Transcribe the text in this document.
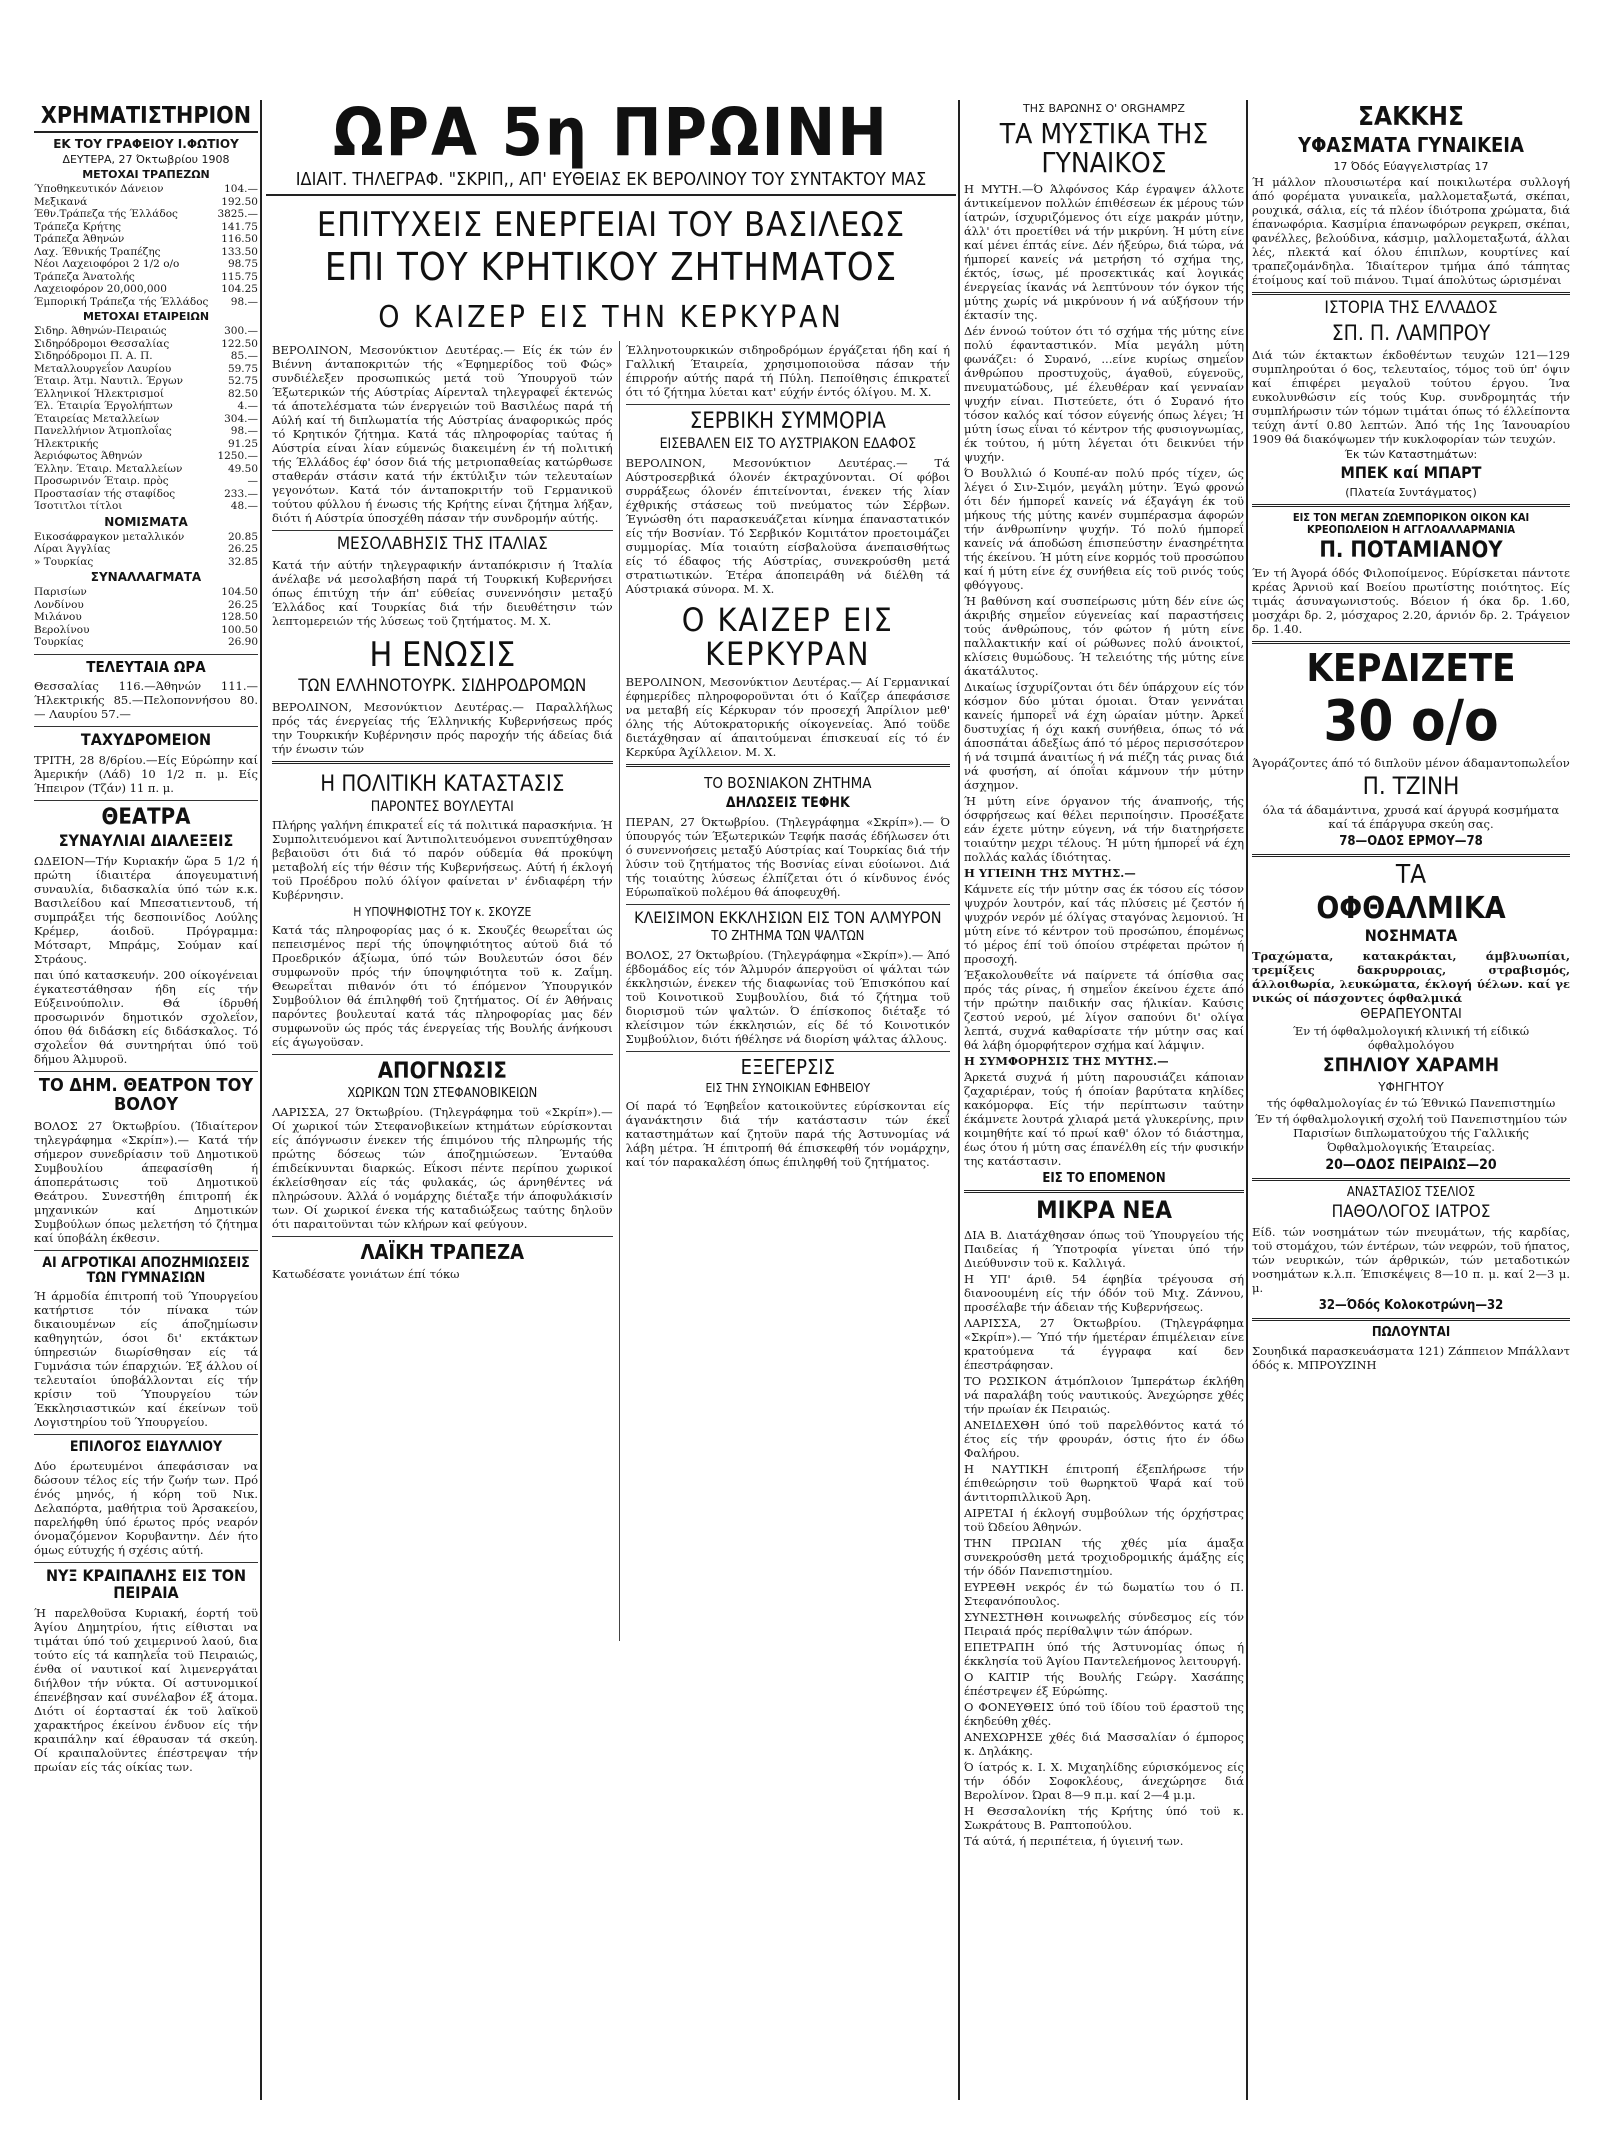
ΧΡΗΜΑΤΙΣΤΗΡΙΟΝ
ΕΚ ΤΟΥ ΓΡΑΦΕΙΟΥ Ι.ΦΩΤΙΟΥ
ΔΕΥΤΕΡΑ, 27 Όκτωβρίου 1908
ΜΕΤΟΧΑΙ ΤΡΑΠΕΖΩΝ
Ύποθηκευτικόν Δάνειον	104.—
Μεξικανά	192.50
Έθν.Τράπεζα τής Έλλάδος	3825.—
Τράπεζα Κρήτης	141.75
Τράπεζα Άθηνών	116.50
Λαχ. Έθνικής Τραπέζης	133.50
Νέοι Λαχειοφόροι 2 1/2 ο/ο	98.75
Τράπεζα Άνατολής	115.75
Λαχειοφόρον 20,000,000	104.25
Έμπορική Τράπεζα τής Έλλάδος 98.—
ΜΕΤΟΧΑΙ ΕΤΑΙΡΕΙΩΝ
Σιδηρ. Άθηνών-Πειραιώς	300.—
Σιδηρόδρομοι Θεσσαλίας	122.50
Σιδηρόδρομοι Π. Α. Π.	85.—
Μεταλλουργεΐον Λαυρίου	59.75
Έταιρ. Άτμ. Ναυτιλ. Έργων	52.75
Έλληνικοί Ήλεκτρισμοί	82.50
Έλ. Έταιρία Έργολήπτων	4.—
Έταιρείας Μεταλλείων	304.—
Πανελλήνιον Άτμοπλοΐας	98.—
Ήλεκτρικής	91.25
Άεριόφωτος Άθηνών	1250.—
Έλλην. Έταιρ. Μεταλλείων	49.50
Προσωρινόν Έταιρ. πρὸς	—
Προστασίαν τής σταφίδος	233.—
Ίσοτιτλοι τίτλοι	48.—
ΝΟΜΙΣΜΑΤΑ
Εικοσάφραγκον μεταλλικόν	20.85
Λίραι Άγγλίας	26.25
» Τουρκίας	32.85
ΣΥΝΑΛΛΑΓΜΑΤΑ
Παρισίων	104.50
Λονδίνου	26.25
Μιλάνου	128.50
Βερολίνου	100.50
Τουρκίας	26.90
ΤΕΛΕΥΤΑΙΑ ΩΡΑ
Θεσσαλίας 116.—Άθηνών 111.— Ήλεκτρικής 85.—Πελοποννήσου 80.— Λαυρίου 57.—
ΤΑΧΥΔΡΟΜΕΙΟΝ
ΤΡΙΤΗ, 28 8/6ρίου.—Είς Εύρώπην καί Άμερικήν (Λάδ) 10 1/2 π. μ. Είς Ήπειρον (Τζάν) 11 π. μ.
ΘΕΑΤΡΑ
ΣΥΝΑΥΛΙΑΙ ΔΙΑΛΕΞΕΙΣ
ΩΔΕΙΟΝ—Τήν Κυριακήν ὥρα 5 1/2 ή πρώτη ίδιαιτέρα άπογευματινή συναυλία, διδασκαλία ύπό τών κ.κ. Βασιλείδου καί Μπεσατιεντουδ, τή συμπράξει τής δεσποινίδος Λούλης Κρέμερ, άοιδοϋ. Πρόγραμμα: Μότσαρτ, Μπράμς, Σούμαν καί Στράους.
παι ύπό κατασκευήν. 200 οίκογένειαι έγκατεστάθησαν ήδη είς τήν Εύξεινούπολιν. Θά ίδρυθή προσωρινόν δημοτικόν σχολεΐον, όπου θά διδάσκη είς διδάσκαλος. Τό σχολεΐον θά συντηρήται ύπό τοϋ δήμου Άλμυροϋ.
ΤΟ ΔΗΜ. ΘΕΑΤΡΟΝ ΤΟΥ ΒΟΛΟΥ
ΒΟΛΟΣ 27 Όκτωβρίου. (Ίδιαίτερον τηλεγράφημα «Σκρίπ»).— Κατά τήν σήμερον συνεδρίασιν τοϋ Δημοτικοϋ Συμβουλίου άπεφασίσθη ή άποπεράτωσις τοϋ Δημοτικοϋ Θεάτρου. Συνεστήθη έπιτροπή έκ μηχανικών καί Δημοτικών Συμβούλων όπως μελετήση τό ζήτημα καί ύποβάλη έκθεσιν.
ΑΙ ΑΓΡΟΤΙΚΑΙ ΑΠΟΖΗΜΙΩΣΕΙΣ ΤΩΝ ΓΥΜΝΑΣΙΩΝ
Ή άρμοδία έπιτροπή τοϋ Ύπουργείου κατήρτισε τόν πίνακα τών δικαιουμένων είς άποζημίωσιν καθηγητών, όσοι δι' εκτάκτων ύπηρεσιών διωρίσθησαν είς τά Γυμνάσια τών έπαρχιών. Έξ άλλου οί τελευταίοι ύποβάλλονται είς τήν κρίσιν τοϋ Ύπουργείου τών Έκκλησιαστικών καί έκείνων τοϋ Λογιστηρίου τοϋ Ύπουργείου.
ΕΠΙΛΟΓΟΣ ΕΙΔΥΛΛΙΟΥ
Δύο έρωτευμένοι άπεφάσισαν να δώσουν τέλος είς τήν ζωήν των. Πρό ένός μηνός, ή κόρη τοϋ Νικ. Δελαπόρτα, μαθήτρια τοϋ Άρσακείου, παρελήφθη ύπό έρωτος πρός νεαρόν όνομαζόμενον Κορυβαντην. Δέν ήτο όμως εύτυχής ή σχέσις αύτή.
ΝΥΞ ΚΡΑΙΠΑΛΗΣ ΕΙΣ ΤΟΝ ΠΕΙΡΑΙΑ
Ή παρελθοϋσα Κυριακή, έορτή τοϋ Άγίου Δημητρίου, ήτις είθισται να τιμάται ύπό τού χειμερινού λαού, δια τούτο είς τά καπηλεΐα τοϋ Πειραιώς, ένθα οί ναυτικοί καί λιμενεργάται διήλθον τήν νύκτα. Οί αστυνομικοί έπενέβησαν καί συνέλαβον έξ άτομα. Διότι οί έορτασταί έκ τοϋ λαϊκοϋ χαρακτήρος έκείνου ένδυον είς τήν κραιπάλην καί έθραυσαν τά σκεύη. Οί κραιπαλοϋντες έπέστρεψαν τήν πρωίαν είς τάς οίκίας των.
ΩΡΑ 5η ΠΡΩΙΝΗ
ΙΔΙΑΙΤ. ΤΗΛΕΓΡΑΦ. "ΣΚΡΙΠ,, ΑΠ' ΕΥΘΕΙΑΣ ΕΚ ΒΕΡΟΛΙΝΟΥ ΤΟΥ ΣΥΝΤΑΚΤΟΥ ΜΑΣ
ΕΠΙΤΥΧΕΙΣ ΕΝΕΡΓΕΙΑΙ ΤΟΥ ΒΑΣΙΛΕΩΣ
ΕΠΙ ΤΟΥ ΚΡΗΤΙΚΟΥ ΖΗΤΗΜΑΤΟΣ
Ο ΚΑΙΖΕΡ ΕΙΣ ΤΗΝ ΚΕΡΚΥΡΑΝ
ΒΕΡΟΛΙΝΟΝ, Μεσονύκτιον Δευτέρας.— Είς έκ τών έν Βιέννη άνταποκριτών τής «Έφημερίδος τοϋ Φώς» συνδιέλεξεν προσωπικώς μετά τοϋ Ύπουργοϋ τών Έξωτερικών τής Αύστρίας Αίρενταλ τηλεγραφεΐ έκτενώς τά άποτελέσματα τών ένεργειών τοϋ Βασιλέως παρά τή Αύλή καί τή διπλωματία τής Αύστρίας άναφορικώς πρός τό Κρητικόν ζήτημα. Κατά τάς πληροφορίας ταύτας ή Αύστρία είναι λίαν εύμενώς διακειμένη έν τή πολιτική τής Έλλάδος έφ' όσον διά τής μετριοπαθείας κατώρθωσε σταθεράν στάσιν κατά τήν έκτύλιξιν τών τελευταίων γεγονότων. Κατά τόν άνταποκριτήν τοϋ Γερμανικοϋ τούτου φύλλου ή ένωσις τής Κρήτης είναι ζήτημα λήξαν, διότι ή Αύστρία ύποσχέθη πάσαν τήν συνδρομήν αύτής.
ΜΕΣΟΛΑΒΗΣΙΣ ΤΗΣ ΙΤΑΛΙΑΣ
Κατά τήν αύτήν τηλεγραφικήν άνταπόκρισιν ή Ίταλία άνέλαβε νά μεσολαβήση παρά τή Τουρκική Κυβερνήσει όπως έπιτύχη τήν άπ' εύθείας συνεννόησιν μεταξύ Έλλάδος καί Τουρκίας διά τήν διευθέτησιν τών λεπτομερειών τής λύσεως τοϋ ζητήματος. Μ. Χ.
Η ΕΝΩΣΙΣ
ΤΩΝ ΕΛΛΗΝΟΤΟΥΡΚ. ΣΙΔΗΡΟΔΡΟΜΩΝ
ΒΕΡΟΛΙΝΟΝ, Μεσονύκτιον Δευτέρας.— Παραλλήλως πρός τάς ένεργείας τής Έλληνικής Κυβερνήσεως πρός την Τουρκικήν Κυβέρνησιν πρός παροχήν τής άδείας διά τήν ένωσιν τών
Η ΠΟΛΙΤΙΚΗ ΚΑΤΑΣΤΑΣΙΣ
ΠΑΡΟΝΤΕΣ ΒΟΥΛΕΥΤΑΙ
Πλήρης γαλήνη έπικρατεΐ είς τά πολιτικά παρασκήνια. Ή Συμπολιτευόμενοι καί Άντιπολιτευόμενοι συνεπτύχθησαν βεβαιοϋσι ότι διά τό παρόν ούδεμία θά προκύψη μεταβολή είς τήν θέσιν τής Κυβερνήσεως. Αύτή ή έκλογή τοϋ Προέδρου πολύ όλίγον φαίνεται ν' ένδιαφέρη τήν Κυβέρνησιν.
Η ΥΠΟΨΗΦΙΟΤΗΣ ΤΟΥ κ. ΣΚΟΥΖΕ
Κατά τάς πληροφορίας μας ό κ. Σκουζές θεωρεΐται ώς πεπεισμένος περί τής ύποψηφιότητος αύτοϋ διά τό Προεδρικόν άξίωμα, ύπό τών Βουλευτών όσοι δέν συμφωνοϋν πρός τήν ύποψηφιότητα τοϋ κ. Ζαΐμη. Θεωρεΐται πιθανόν ότι τό έπόμενον Ύπουργικόν Συμβούλιον θά έπιληφθή τοϋ ζητήματος. Οί έν Άθήναις παρόντες βουλευταί κατά τάς πληροφορίας μας δέν συμφωνοϋν ώς πρός τάς ένεργείας τής Βουλής άνήκουσι είς άγωγοϋσαν.
ΑΠΟΓΝΩΣΙΣ
ΧΩΡΙΚΩΝ ΤΩΝ ΣΤΕΦΑΝΟΒΙΚΕΙΩΝ
ΛΑΡΙΣΣΑ, 27 Όκτωβρίου. (Τηλεγράφημα τοϋ «Σκρίπ»).— Οί χωρικοί τών Στεφανοβικείων κτημάτων εύρίσκονται είς άπόγνωσιν ένεκεν τής έπιμόνου τής πληρωμής τής πρώτης δόσεως τών άποζημιώσεων. Ένταύθα έπιδείκνυνται διαρκώς. Εΐκοσι πέντε περίπου χωρικοί έκλείσθησαν είς τάς φυλακάς, ώς άρνηθέντες νά πληρώσουν. Άλλά ό νομάρχης διέταξε τήν άποφυλάκισίν των. Οί χωρικοί ένεκα τής καταδιώξεως ταύτης δηλοϋν ότι παραιτοϋνται τών κλήρων καί φεύγουν.
ΛΑΪΚΗ ΤΡΑΠΕΖΑ
Κατωδέσατε γονιάτων έπί τόκω
Έλληνοτουρκικών σιδηροδρόμων έργάζεται ήδη καί ή Γαλλική Έταιρεία, χρησιμοποιοϋσα πάσαν τήν έπιρροήν αύτής παρά τή Πύλη. Πεποίθησις έπικρατεΐ ότι τό ζήτημα λύεται κατ' εύχήν έντός όλίγου. Μ. Χ.
ΣΕΡΒΙΚΗ ΣΥΜΜΟΡΙΑ
ΕΙΣΕΒΑΛΕΝ ΕΙΣ ΤΟ ΑΥΣΤΡΙΑΚΟΝ ΕΔΑΦΟΣ
ΒΕΡΟΛΙΝΟΝ, Μεσονύκτιον Δευτέρας.— Τά Αύστροσερβικά όλονέν έκτραχύνονται. Οί φόβοι συρράξεως όλονέν έπιτείνονται, ένεκεν τής λίαν έχθρικής στάσεως τοϋ πνεύματος τών Σέρβων. Έγνώσθη ότι παρασκευάζεται κίνημα έπαναστατικόν είς τήν Βοσνίαν. Τό Σερβικόν Κομιτάτον προετοιμάζει συμμορίας. Μία τοιαύτη είσβαλοϋσα άνεπαισθήτως είς τό έδαφος τής Αύστρίας, συνεκρούσθη μετά στρατιωτικών. Έτέρα άποπειράθη νά διέλθη τά Αύστριακά σύνορα. Μ. Χ.
Ο ΚΑΙΖΕΡ ΕΙΣ ΚΕΡΚΥΡΑΝ
ΒΕΡΟΛΙΝΟΝ, Μεσονύκτιον Δευτέρας.— Αί Γερμανικαί έφημερίδες πληροφοροϋνται ότι ό Καΐζερ άπεφάσισε να μεταβή είς Κέρκυραν τόν προσεχή Άπρίλιον μεθ' όλης τής Αύτοκρατορικής οίκογενείας. Άπό τοϋδε διετάχθησαν αί άπαιτούμεναι έπισκευαί είς τό έν Κερκύρα Άχίλλειον. Μ. Χ.
ΤΟ ΒΟΣΝΙΑΚΟΝ ΖΗΤΗΜΑ
ΔΗΛΩΣΕΙΣ ΤΕΦΗΚ
ΠΕΡΑΝ, 27 Όκτωβρίου. (Τηλεγράφημα «Σκρίπ»).— Ό ύπουργός τών Έξωτερικών Τεφήκ πασάς έδήλωσεν ότι ό συνεννοήσεις μεταξύ Αύστρίας καί Τουρκίας διά τήν λύσιν τοϋ ζητήματος τής Βοσνίας είναι εύοίωνοι. Διά τής τοιαύτης λύσεως έλπίζεται ότι ό κίνδυνος ένός Εύρωπαϊκοϋ πολέμου θά άποφευχθή.
ΚΛΕΙΣΙΜΟΝ ΕΚΚΛΗΣΙΩΝ ΕΙΣ ΤΟΝ ΑΛΜΥΡΟΝ
ΤΟ ΖΗΤΗΜΑ ΤΩΝ ΨΑΛΤΩΝ
ΒΟΛΟΣ, 27 Όκτωβρίου. (Τηλεγράφημα «Σκρίπ»).— Άπό έβδομάδος είς τόν Άλμυρόν άπεργοϋσι οί ψάλται τών έκκλησιών, ένεκεν τής διαφωνίας τοϋ Έπισκόπου καί τοϋ Κοινοτικοϋ Συμβουλίου, διά τό ζήτημα τοϋ διορισμοϋ τών ψαλτών. Ό έπίσκοπος διέταξε τό κλείσιμον τών έκκλησιών, είς δέ τό Κοινοτικόν Συμβούλιον, διότι ήθέλησε νά διορίση ψάλτας άλλους.
ΕΞΕΓΕΡΣΙΣ
ΕΙΣ ΤΗΝ ΣΥΝΟΙΚΙΑΝ ΕΦΗΒΕΙΟΥ
Οί παρά τό Έφηβεΐον κατοικοϋντες εύρίσκονται είς άγανάκτησιν διά τήν κατάστασιν τών έκεΐ καταστημάτων καί ζητοϋν παρά τής Άστυνομίας νά λάβη μέτρα. Ή έπιτροπή θά έπισκεφθή τόν νομάρχην, καί τόν παρακαλέση όπως έπιληφθή τοϋ ζητήματος.
ΤΗΣ ΒΑΡΩΝΗΣ Ο' ORGHAMPZ
ΤΑ ΜΥΣΤΙΚΑ ΤΗΣ ΓΥΝΑΙΚΟΣ
Η ΜΥΤΗ.—Ό Άλφόνσος Κάρ έγραψεν άλλοτε άντικείμενον πολλών έπιθέσεων έκ μέρους τών ίατρών, ίσχυριζόμενος ότι είχε μακράν μύτην, άλλ' ότι προετίθει νά τήν μικρύνη. Ή μύτη είνε καί μένει έπτάς είνε. Δέν ήξεύρω, διά τώρα, νά ήμπορεί κανείς νά μετρήση τό σχήμα της, έκτός, ίσως, μέ προσεκτικάς καί λογικάς ένεργείας ίκανάς νά λεπτύνουν τόν όγκον τής μύτης χωρίς νά μικρύνουν ή νά αύξήσουν τήν έκτασίν της.
Δέν έννοώ τούτον ότι τό σχήμα τής μύτης είνε πολύ έφανταστικόν. Μία μεγάλη μύτη φωνάζει: ό Συρανό, ...είνε κυρίως σημεΐον άνθρώπου προστυχοϋς, άγαθοϋ, εύγενοϋς, πνευματώδους, μέ έλευθέραν καί γενναίαν ψυχήν είναι. Πιστεύετε, ότι ό Συρανό ήτο τόσον καλός καί τόσον εύγενής όπως λέγει; Ή μύτη ίσως εΐναι τό κέντρον τής φυσιογνωμίας, έκ τούτου, ή μύτη λέγεται ότι δεικνύει τήν ψυχήν.
Ό Βουλλιώ ό Κουπέ-αν πολύ πρός τίχεν, ώς λέγει ό Σιν-Σιμόν, μεγάλη μύτην. Έγώ φρονώ ότι δέν ήμπορεΐ κανείς νά έξαγάγη έκ τοϋ μήκους τής μύτης κανέν συμπέρασμα άφορών τήν άνθρωπίνην ψυχήν. Τό πολύ ήμπορεΐ κανείς νά άποδώση έπισπεύστην ένασηρέτητα τής έκείνου. Ή μύτη είνε κορμός τοϋ προσώπου καί ή μύτη είνε έχ συνήθεια είς τοϋ ρινός τούς φθόγγους.
Ή βαθύνση καί συσπείρωσις μύτη δέν είνε ώς άκριβής σημεΐον εύγενείας καί παραστήσεις τούς άνθρώπους, τόν φώτον ή μύτη είνε παλλακτικήν καί οί ρώθωνες πολύ άνοικτοί, κλίσεις θυμώδους. Ή τελειότης τής μύτης είνε άκατάλυτος.
Δικαίως ίσχυρίζονται ότι δέν ύπάρχουν είς τόν κόσμον δύο μύται όμοιαι. Όταν γεννάται κανείς ήμπορεΐ νά έχη ώραίαν μύτην. Άρκεΐ δυστυχίας ή όχι κακή συνήθεια, όπως τό νά άποσπάται άδεξίως άπό τό μέρος περισσότερον ή νά τσιμπά άναιτίως ή νά πιέζη τάς ρινας διά νά φυσήση, αί όποΐαι κάμνουν τήν μύτην άσχημον.
Ή μύτη είνε όργανον τής άναπνοής, τής όσφρήσεως καί θέλει περιποίησιν. Προσέξατε εάν έχετε μύτην εύγενη, νά τήν διατηρήσετε τοιαύτην μεχρι τέλους. Ή μύτη ήμπορεΐ νά έχη πολλάς καλάς ίδιότητας.
Η ΥΓΙΕΙΝΗ ΤΗΣ ΜΥΤΗΣ.—
Κάμνετε είς τήν μύτην σας έκ τόσου είς τόσον ψυχρόν λουτρόν, καί τάς πλύσεις μέ ζεστόν ή ψυχρόν νερόν μέ όλίγας σταγόνας λεμονιού. Ή μύτη είνε τό κέντρον τοϋ προσώπου, έπομένως τό μέρος έπί τοϋ όποίου στρέφεται πρώτον ή προσοχή.
Έξακολουθεΐτε νά παίρνετε τά όπίσθια σας πρός τάς ρίνας, ή σημεΐον έκείνου έχετε άπό τήν πρώτην παιδικήν σας ήλικίαν. Καύσις ζεστού νερού, μέ λίγον σαπούνι δι' ολίγα λεπτά, συχνά καθαρίσατε τήν μύτην σας καί θά λάβη όμορφήτερον σχήμα καί λάμψιν.
Η ΣΥΜΦΟΡΗΣΙΣ ΤΗΣ ΜΥΤΗΣ.—
Άρκετά συχνά ή μύτη παρουσιάζει κάποιαν ζαχαριέραν, τούς ή όποίαν βαρύτατα κηλίδες κακόμορφα. Είς τήν περίπτωσιν ταύτην έκάμνετε λουτρά χλιαρά μετά γλυκερίνης, πριν κοιμηθήτε καί τό πρωί καθ' όλον τό διάστημα, έως ότου ή μύτη σας έπανέλθη είς τήν φυσικήν της κατάστασιν.
ΕΙΣ ΤΟ ΕΠΟΜΕΝΟΝ
ΜΙΚΡΑ ΝΕΑ
ΔΙΑ Β. Διατάχθησαν όπως τοϋ Ύπουργείου τής Παιδείας ή Ύποτροφία γίνεται ύπό τήν Διεύθυνσιν τοϋ κ. Καλλιγά.
Η ΥΠ' άριθ. 54 έφηβία τρέγουσα σή διανοουμένη είς τήν όδόν τοϋ Μιχ. Ζάννου, προσέλαβε τήν άδειαν τής Κυβερνήσεως.
ΛΑΡΙΣΣΑ, 27 Όκτωβρίου. (Τηλεγράφημα «Σκρίπ»).— Ύπό τήν ήμετέραν έπιμέλειαν είνε κρατούμενα τά έγγραφα καί δεν έπεστράφησαν.
ΤΟ ΡΩΣΙΚΟΝ άτμόπλοιον Ίμπεράτωρ έκλήθη νά παραλάβη τούς ναυτικούς. Άνεχώρησε χθές τήν πρωίαν έκ Πειραιώς.
ΑΝΕΙΔΕΧΘΗ ύπό τοϋ παρελθόντος κατά τό έτος είς τήν φρουράν, όστις ήτο έν όδω Φαλήρου.
Η ΝΑΥΤΙΚΗ έπιτροπή έξεπλήρωσε τήν έπιθεώρησιν τοϋ θωρηκτοϋ Ψαρά καί τοϋ άντιτορπιλλικοϋ Άρη.
ΑΙΡΕΤΑΙ ή έκλογή συμβούλων τής όρχήστρας τοϋ Ώδείου Άθηνών.
ΤΗΝ ΠΡΩΙΑΝ τής χθές μία άμαξα συνεκρούσθη μετά τροχιοδρομικής άμάξης είς τήν όδόν Πανεπιστημίου.
ΕΥΡΕΘΗ νεκρός έν τώ δωματίω του ό Π. Στεφανόπουλος.
ΣΥΝΕΣΤΗΘΗ κοινωφελής σύνδεσμος είς τόν Πειραιά πρός περίθαλψιν τών άπόρων.
ΕΠΕΤΡΑΠΗ ύπό τής Άστυνομίας όπως ή έκκλησία τοϋ Άγίου Παντελεήμονος λειτουργή.
Ο ΚΑΙΤΙΡ τής Βουλής Γεώργ. Χασάπης έπέστρεψεν έξ Εύρώπης.
Ο ΦΟΝΕΥΘΕΙΣ ύπό τοϋ ίδίου τοϋ έραστοϋ της έκηδεύθη χθές.
ΑΝΕΧΩΡΗΣΕ χθές διά Μασσαλίαν ό έμπορος κ. Δηλάκης.
Ό ίατρός κ. Ι. Χ. Μιχαηλίδης εύρισκόμενος είς τήν όδόν Σοφοκλέους, άνεχώρησε διά Βερολίνον. Ώραι 8—9 π.μ. καί 2—4 μ.μ.
Η Θεσσαλονίκη τής Κρήτης ύπό τοϋ κ. Σωκράτους Β. Ραπτοπούλου.
Τά αύτά, ή περιπέτεια, ή ύγιεινή των.
ΣΑΚΚΗΣ
ΥΦΑΣΜΑΤΑ ΓΥΝΑΙΚΕΙΑ
17 Όδός Εύαγγελιστρίας 17
Ή μάλλον πλουσιωτέρα καί ποικιλωτέρα συλλογή άπό φορέματα γυναικεΐα, μαλλομεταξωτά, σκέπαι, ρουχικά, σάλια, είς τά πλέον ίδιότροπα χρώματα, διά έπανωφόρια. Κασμίρια έπανωφόρων ρεγκρεπ, σκέπαι, φανέλλες, βελούδινα, κάσμιρ, μαλλομεταξωτά, άλλαι λές, πλεκτά καί όλου έπιπλων, κουρτίνες καί τραπεζομάνδηλα. Ίδιαίτερον τμήμα άπό τάπητας έτοίμους καί τοϋ πιάνου. Τιμαί άπολύτως ώρισμέναι
ΙΣΤΟΡΙΑ ΤΗΣ ΕΛΛΑΔΟΣ
ΣΠ. Π. ΛΑΜΠΡΟΥ
Διά τών έκτακτων έκδοθέντων τευχών 121—129 συμπληρούται ό 6ος, τελευταίος, τόμος τοϋ ύπ' όψιν καί έπιφέρει μεγαλοϋ τούτου έργου. Ίνα ευκολυνθώσιν είς τούς Κυρ. συνδρομητάς τήν συμπλήρωσιν τών τόμων τιμάται όπως τό έλλείποντα τεύχη άντί 0.80 λεπτών. Άπό τής 1ης Ίανουαρίου 1909 θά διακόψωμεν τήν κυκλοφορίαν τών τευχών.
Έκ τών Καταστημάτων:
ΜΠΕΚ καί ΜΠΑΡΤ
(Πλατεία Συντάγματος)
ΕΙΣ ΤΟΝ ΜΕΓΑΝ ΖΩΕΜΠΟΡΙΚΟΝ ΟΙΚΟΝ ΚΑΙ ΚΡΕΟΠΩΛΕΙΟΝ Η ΑΓΓΛΟΑΛΛΑΡΜΑΝΙΑ
Π. ΠΟΤΑΜΙΑΝΟΥ
Έν τή Άγορά όδός Φιλοποίμενος. Εύρίσκεται πάντοτε κρέας Άρνιοϋ καί Βοείου πρωτίστης ποιότητος. Είς τιμάς άσυναγωνιστούς. Βόειον ή όκα δρ. 1.60, μοσχάρι δρ. 2, μόσχαρος 2.20, άρνιόν δρ. 2. Τράγειον δρ. 1.40.
ΚΕΡΔΙΖΕΤΕ
30 ο/ο
Άγοράζοντες άπό τό διπλοϋν μένον άδαμαντοπωλεΐον
Π. ΤΖΙΝΗ
όλα τά άδαμάντινα, χρυσά καί άργυρά κοσμήματα καί τά έπάργυρα σκεύη σας.
78—ΟΔΟΣ ΕΡΜΟΥ—78
ΤΑ
ΟΦΘΑΛΜΙΚΑ
ΝΟΣΗΜΑΤΑ
Τραχώματα, κατακράκται, άμβλυωπίαι, τρεμίξεις δακρυρροιας, στραβισμός, άλλοιθωρία, λευκώματα, έκλογή ύέλων. καί γε νικώς οί πάσχοντες όφθαλμικά
ΘΕΡΑΠΕΥΟΝΤΑΙ
Έν τή όφθαλμολογική κλινική τή είδικώ όφθαλμολόγου
ΣΠΗΛΙΟΥ ΧΑΡΑΜΗ
ΥΦΗΓΗΤΟΥ
τής όφθαλμολογίας έν τώ Έθνικώ Πανεπιστημίω
Έν τή όφθαλμολογική σχολή τοϋ Πανεπιστημίου τών Παρισίων διπλωματούχου τής Γαλλικής Όφθαλμολογικής Έταιρείας.
20—ΟΔΟΣ ΠΕΙΡΑΙΩΣ—20
ΑΝΑΣΤΑΣΙΟΣ ΤΣΕΛΙΟΣ
ΠΑΘΟΛΟΓΟΣ ΙΑΤΡΟΣ
Είδ. τών νοσημάτων τών πνευμάτων, τής καρδίας, τοϋ στομάχου, τών έντέρων, τών νεφρών, τοϋ ήπατος, τών νευρικών, τών άρθρικών, τών μεταδοτικών νοσημάτων κ.λ.π. Έπισκέψεις 8—10 π. μ. καί 2—3 μ. μ.
32—Όδός Κολοκοτρώνη—32
ΠΩΛΟΥΝΤΑΙ
Σουηδικά παρασκευάσματα 121) Ζάππειον Μπάλλαντ όδός κ. ΜΠΡΟΥΖΙΝΗ
